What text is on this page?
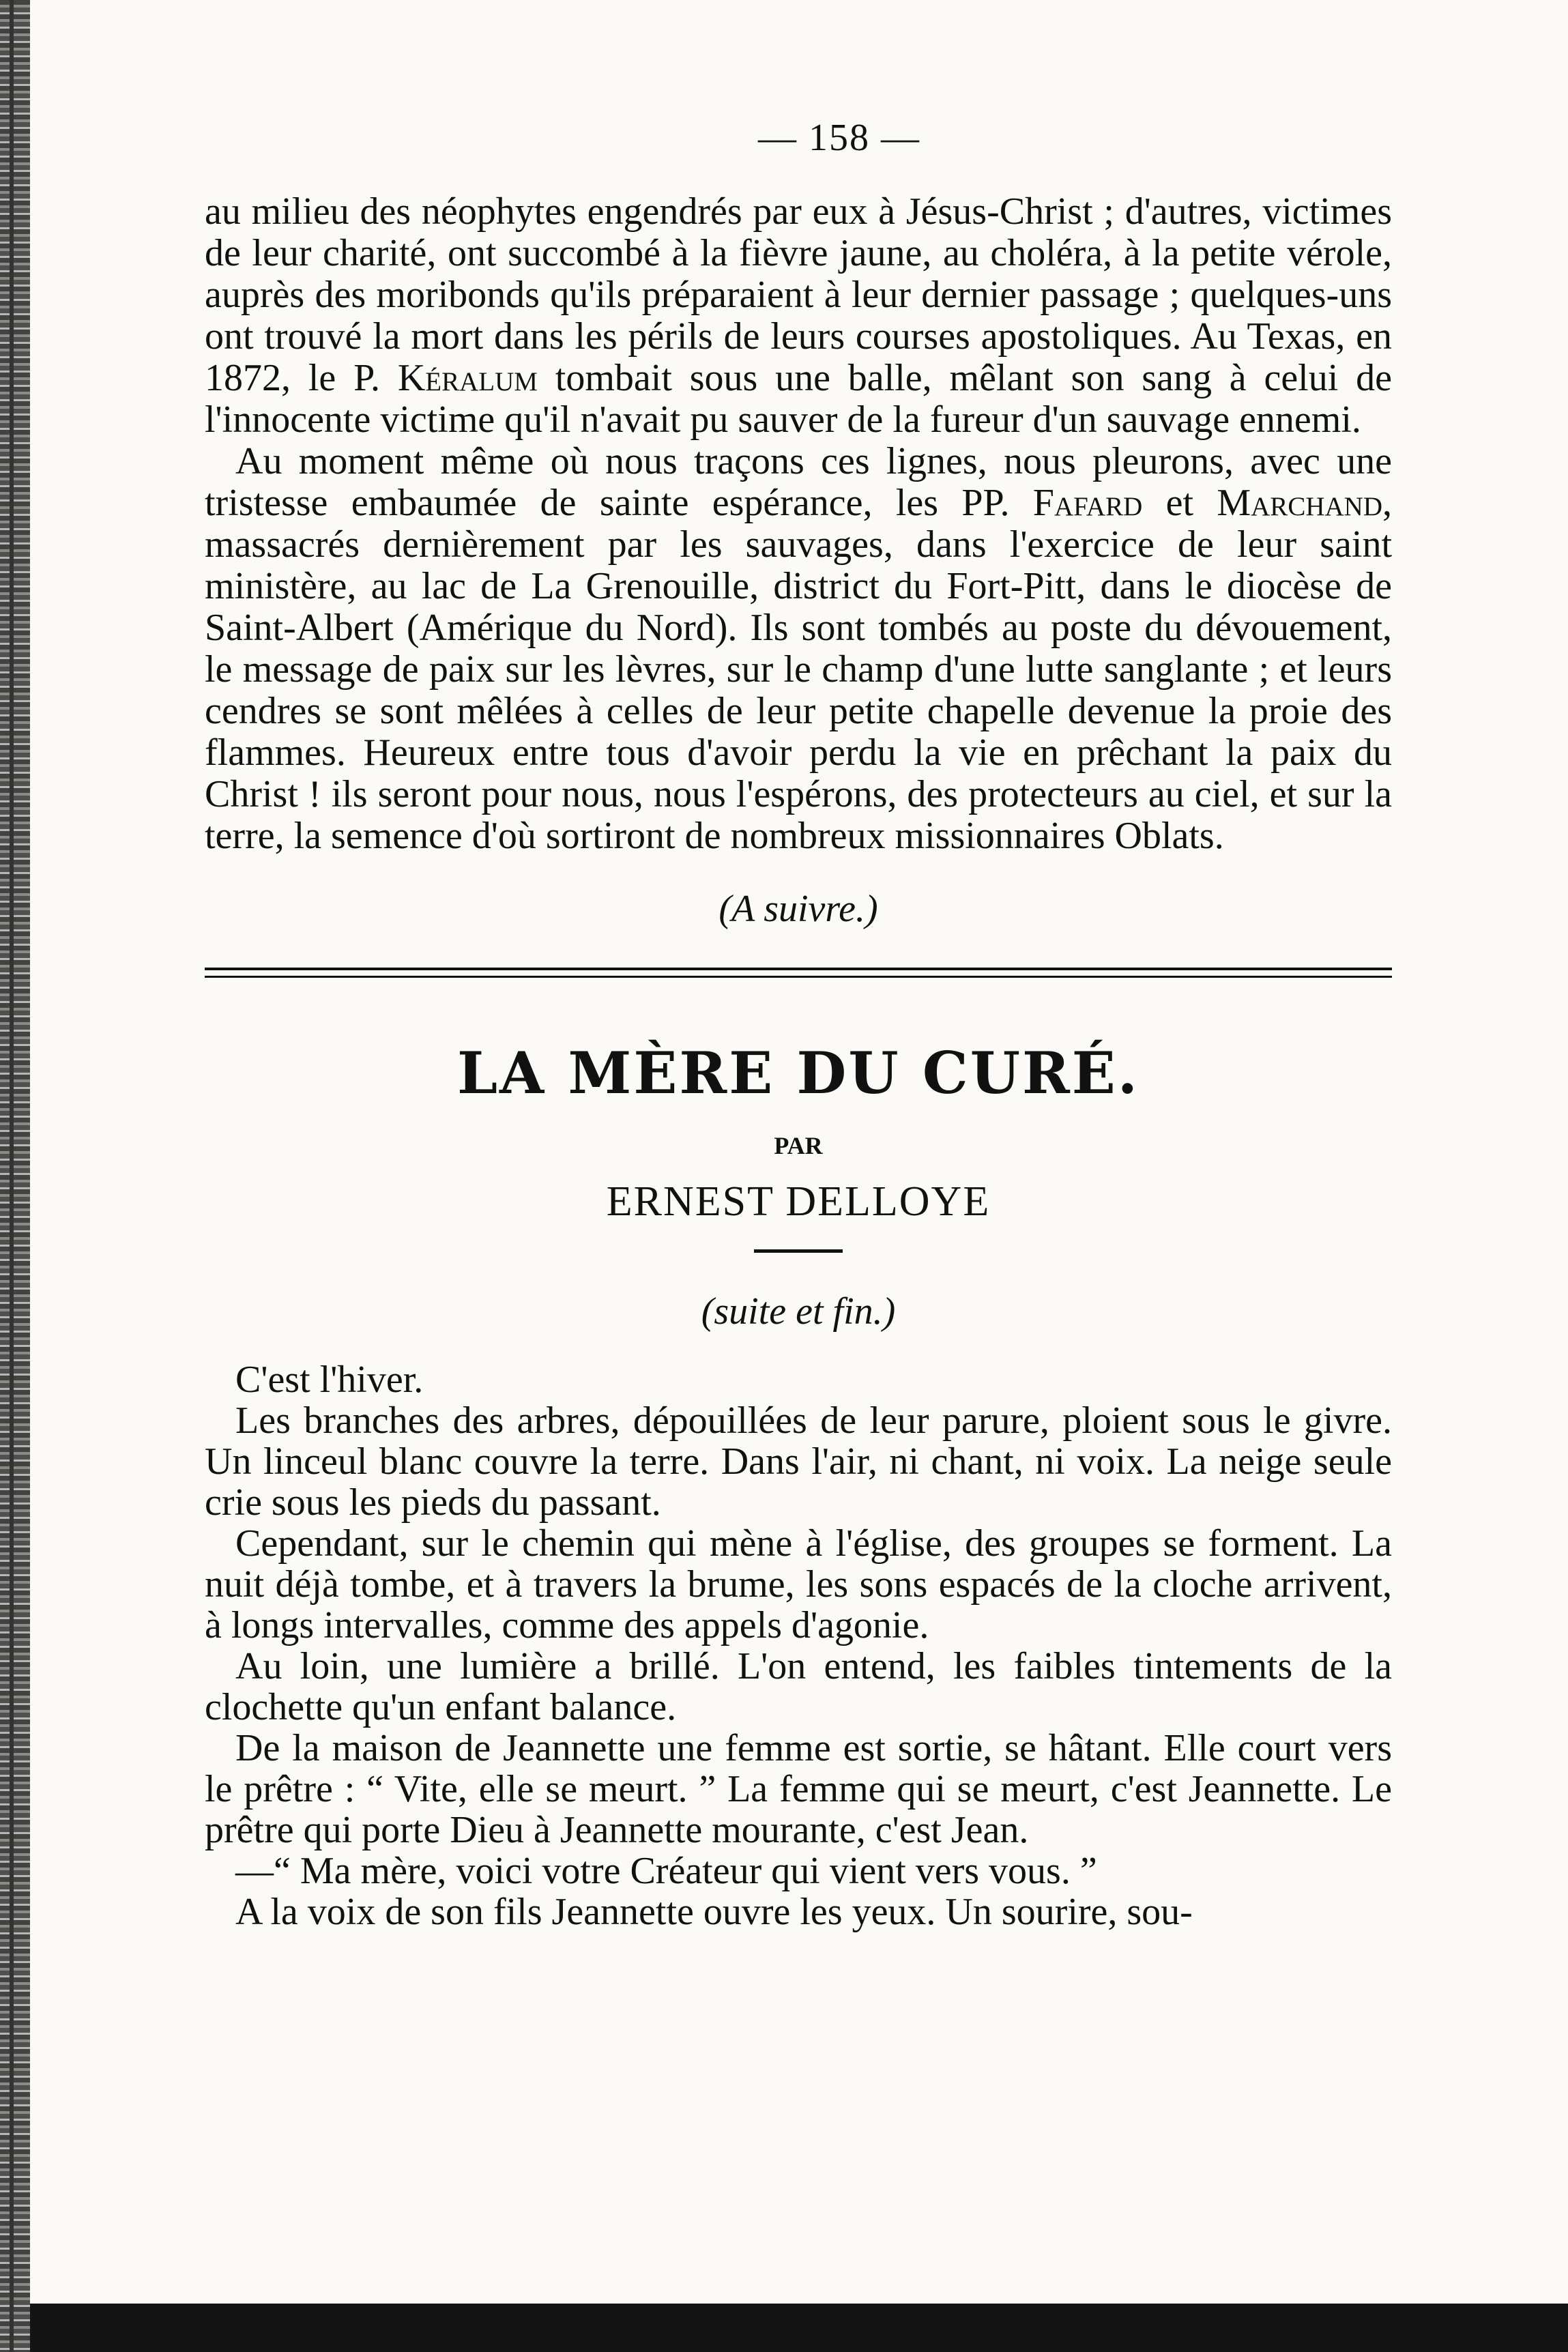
— 158 —

au milieu des néophytes engendrés par eux à Jésus-Christ ; d'autres, victimes de leur charité, ont succombé à la fièvre jaune, au choléra, à la petite vérole, auprès des moribonds qu'ils préparaient à leur dernier passage ; quelques-uns ont trouvé la mort dans les périls de leurs courses apostoliques. Au Texas, en 1872, le P. Kéralum tombait sous une balle, mêlant son sang à celui de l'innocente victime qu'il n'avait pu sauver de la fureur d'un sauvage ennemi.

Au moment même où nous traçons ces lignes, nous pleurons, avec une tristesse embaumée de sainte espérance, les PP. Fafard et Marchand, massacrés dernièrement par les sauvages, dans l'exercice de leur saint ministère, au lac de La Grenouille, district du Fort-Pitt, dans le diocèse de Saint-Albert (Amérique du Nord). Ils sont tombés au poste du dévouement, le message de paix sur les lèvres, sur le champ d'une lutte sanglante ; et leurs cendres se sont mêlées à celles de leur petite chapelle devenue la proie des flammes. Heureux entre tous d'avoir perdu la vie en prêchant la paix du Christ ! ils seront pour nous, nous l'espérons, des protecteurs au ciel, et sur la terre, la semence d'où sortiront de nombreux missionnaires Oblats.

(A suivre.)
LA MÈRE DU CURÉ.
PAR
ERNEST DELLOYE
(suite et fin.)

C'est l'hiver.

Les branches des arbres, dépouillées de leur parure, ploient sous le givre. Un linceul blanc couvre la terre. Dans l'air, ni chant, ni voix. La neige seule crie sous les pieds du passant.

Cependant, sur le chemin qui mène à l'église, des groupes se forment. La nuit déjà tombe, et à travers la brume, les sons espacés de la cloche arrivent, à longs intervalles, comme des appels d'agonie.

Au loin, une lumière a brillé. L'on entend, les faibles tintements de la clochette qu'un enfant balance.

De la maison de Jeannette une femme est sortie, se hâtant. Elle court vers le prêtre : “ Vite, elle se meurt. ” La femme qui se meurt, c'est Jeannette. Le prêtre qui porte Dieu à Jeannette mourante, c'est Jean.

—“ Ma mère, voici votre Créateur qui vient vers vous. ”

A la voix de son fils Jeannette ouvre les yeux. Un sourire, sou-
